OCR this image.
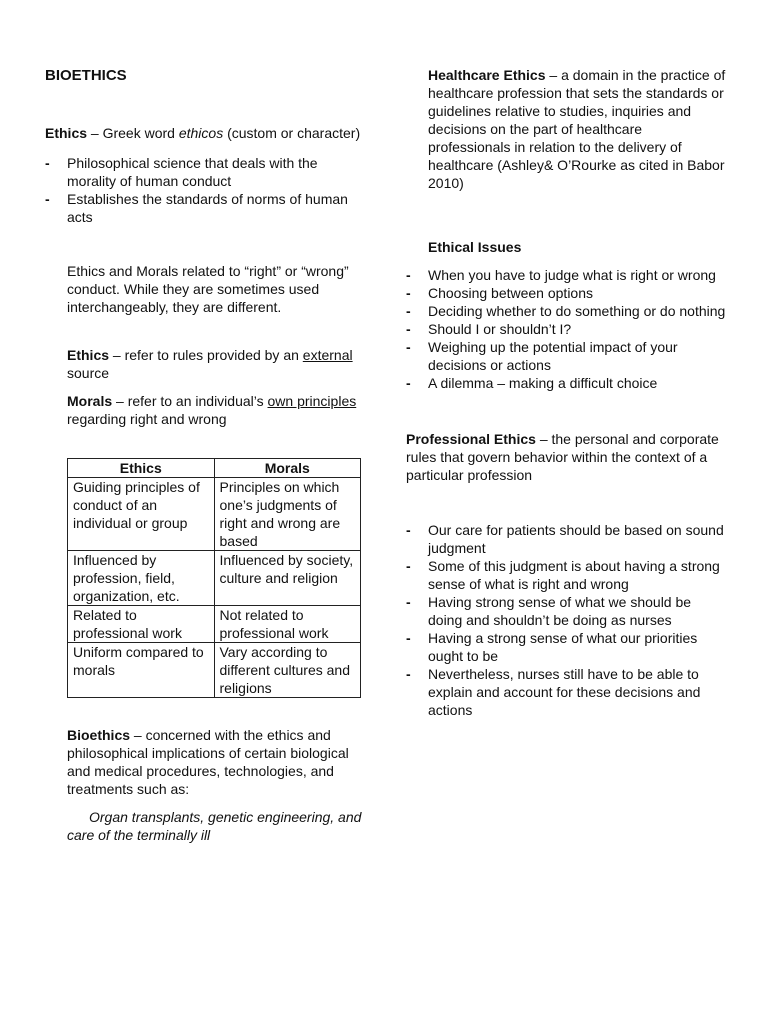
BIOETHICS

Ethics – Greek word ethicos (custom or character)

- Philosophical science that deals with the morality of human conduct
- Establishes the standards of norms of human acts

Ethics and Morals related to “right” or “wrong” conduct. While they are sometimes used interchangeably, they are different.

Ethics – refer to rules provided by an external source

Morals – refer to an individual’s own principles regarding right and wrong

Ethics	Morals
Guiding principles of conduct of an individual or group	Principles on which one’s judgments of right and wrong are based
Influenced by profession, field, organization, etc.	Influenced by society, culture and religion
Related to professional work	Not related to professional work
Uniform compared to morals	Vary according to different cultures and religions

Bioethics – concerned with the ethics and philosophical implications of certain biological and medical procedures, technologies, and treatments such as:

Organ transplants, genetic engineering, and care of the terminally ill

Healthcare Ethics – a domain in the practice of healthcare profession that sets the standards or guidelines relative to studies, inquiries and decisions on the part of healthcare professionals in relation to the delivery of healthcare (Ashley& O’Rourke as cited in Babor 2010)

Ethical Issues

- When you have to judge what is right or wrong
- Choosing between options
- Deciding whether to do something or do nothing
- Should I or shouldn’t I?
- Weighing up the potential impact of your decisions or actions
- A dilemma – making a difficult choice

Professional Ethics – the personal and corporate rules that govern behavior within the context of a particular profession

- Our care for patients should be based on sound judgment
- Some of this judgment is about having a strong sense of what is right and wrong
- Having strong sense of what we should be doing and shouldn’t be doing as nurses
- Having a strong sense of what our priorities ought to be
- Nevertheless, nurses still have to be able to explain and account for these decisions and actions
